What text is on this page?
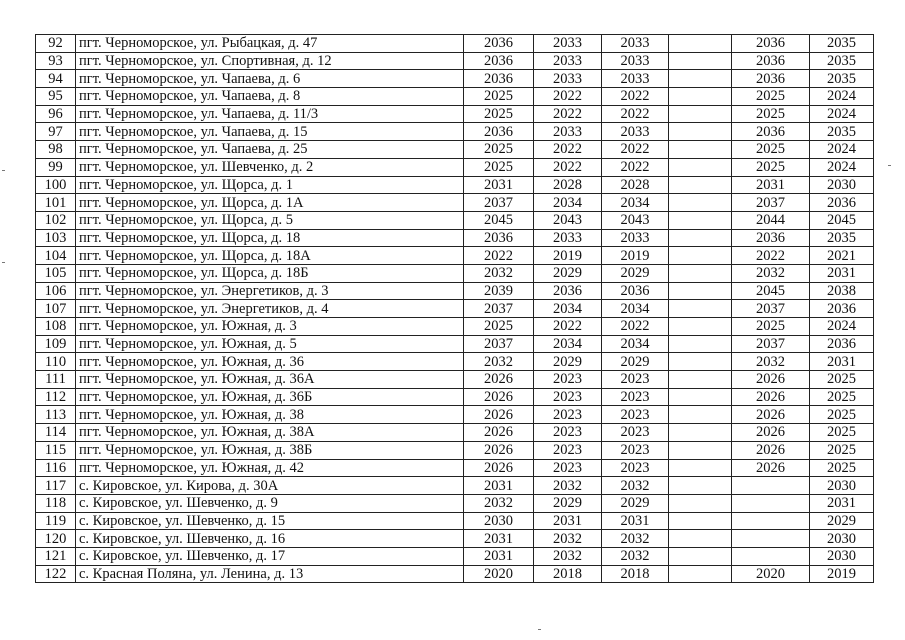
92	пгт. Черноморское, ул. Рыбацкая, д. 47	2036	2033	2033		2036	2035
93	пгт. Черноморское, ул. Спортивная, д. 12	2036	2033	2033		2036	2035
94	пгт. Черноморское, ул. Чапаева, д. 6	2036	2033	2033		2036	2035
95	пгт. Черноморское, ул. Чапаева, д. 8	2025	2022	2022		2025	2024
96	пгт. Черноморское, ул. Чапаева, д. 11/3	2025	2022	2022		2025	2024
97	пгт. Черноморское, ул. Чапаева, д. 15	2036	2033	2033		2036	2035
98	пгт. Черноморское, ул. Чапаева, д. 25	2025	2022	2022		2025	2024
99	пгт. Черноморское, ул. Шевченко, д. 2	2025	2022	2022		2025	2024
100	пгт. Черноморское, ул. Щорса, д. 1	2031	2028	2028		2031	2030
101	пгт. Черноморское, ул. Щорса, д. 1А	2037	2034	2034		2037	2036
102	пгт. Черноморское, ул. Щорса, д. 5	2045	2043	2043		2044	2045
103	пгт. Черноморское, ул. Щорса, д. 18	2036	2033	2033		2036	2035
104	пгт. Черноморское, ул. Щорса, д. 18А	2022	2019	2019		2022	2021
105	пгт. Черноморское, ул. Щорса, д. 18Б	2032	2029	2029		2032	2031
106	пгт. Черноморское, ул. Энергетиков, д. 3	2039	2036	2036		2045	2038
107	пгт. Черноморское, ул. Энергетиков, д. 4	2037	2034	2034		2037	2036
108	пгт. Черноморское, ул. Южная, д. 3	2025	2022	2022		2025	2024
109	пгт. Черноморское, ул. Южная, д. 5	2037	2034	2034		2037	2036
110	пгт. Черноморское, ул. Южная, д. 36	2032	2029	2029		2032	2031
111	пгт. Черноморское, ул. Южная, д. 36А	2026	2023	2023		2026	2025
112	пгт. Черноморское, ул. Южная, д. 36Б	2026	2023	2023		2026	2025
113	пгт. Черноморское, ул. Южная, д. 38	2026	2023	2023		2026	2025
114	пгт. Черноморское, ул. Южная, д. 38А	2026	2023	2023		2026	2025
115	пгт. Черноморское, ул. Южная, д. 38Б	2026	2023	2023		2026	2025
116	пгт. Черноморское, ул. Южная, д. 42	2026	2023	2023		2026	2025
117	с. Кировское, ул. Кирова, д. 30А	2031	2032	2032			2030
118	с. Кировское, ул. Шевченко, д. 9	2032	2029	2029			2031
119	с. Кировское, ул. Шевченко, д. 15	2030	2031	2031			2029
120	с. Кировское, ул. Шевченко, д. 16	2031	2032	2032			2030
121	с. Кировское, ул. Шевченко, д. 17	2031	2032	2032			2030
122	с. Красная Поляна, ул. Ленина, д. 13	2020	2018	2018		2020	2019
